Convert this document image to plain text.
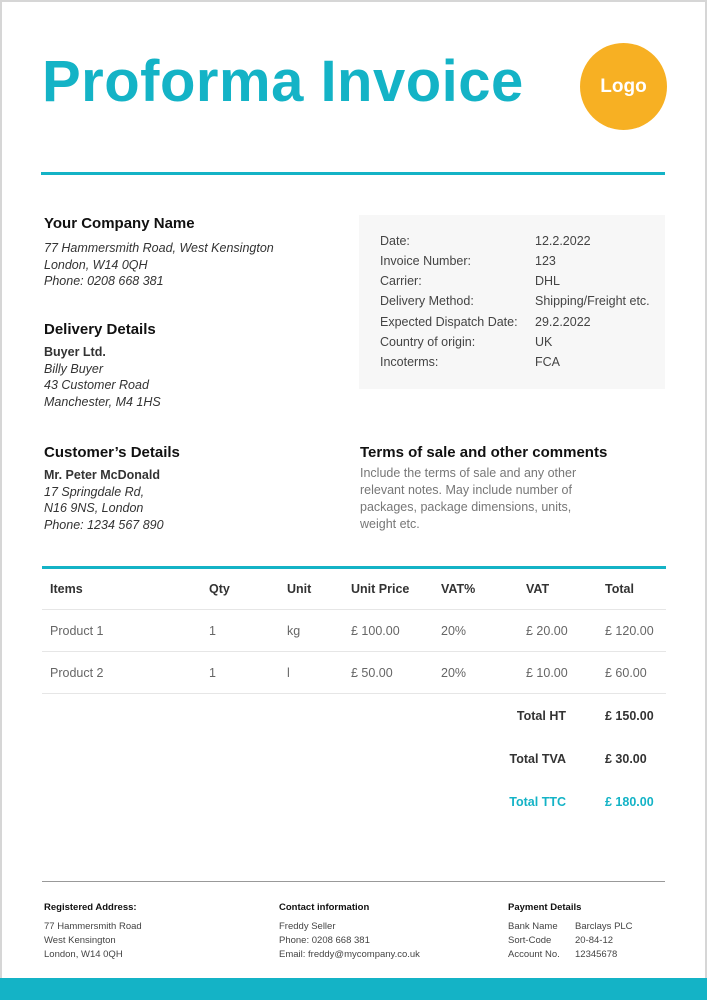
Proforma Invoice	Logo
Your Company Name
77 Hammersmith Road, West Kensington
London, W14 0QH
Phone: 0208 668 381
Delivery Details
Buyer Ltd.
Billy Buyer
43 Customer Road
Manchester, M4 1HS
Customer’s Details
Mr. Peter McDonald
17 Springdale Rd,
N16 9NS, London
Phone: 1234 567 890
Date:	12.2.2022
Invoice Number:	123
Carrier:	DHL
Delivery Method:	Shipping/Freight etc.
Expected Dispatch Date: 29.2.2022
Country of origin:	UK
Incoterms:	FCA
Terms of sale and other comments
Include the terms of sale and any other relevant notes. May include number of packages, package dimensions, units, weight etc.
Items	Qty	Unit	Unit Price	VAT%	VAT	Total
Product 1	1	kg	£ 100.00	20%	£ 20.00	£ 120.00
Product 2	1	l	£ 50.00	20%	£ 10.00	£ 60.00
Total HT	£ 150.00
Total TVA	£ 30.00
Total TTC	£ 180.00
Registered Address:
77 Hammersmith Road
West Kensington
London, W14 0QH
Contact information
Freddy Seller
Phone: 0208 668 381
Email: freddy@mycompany.co.uk
Payment Details
Bank Name Barclays PLC
Sort-Code 20-84-12
Account No. 12345678
